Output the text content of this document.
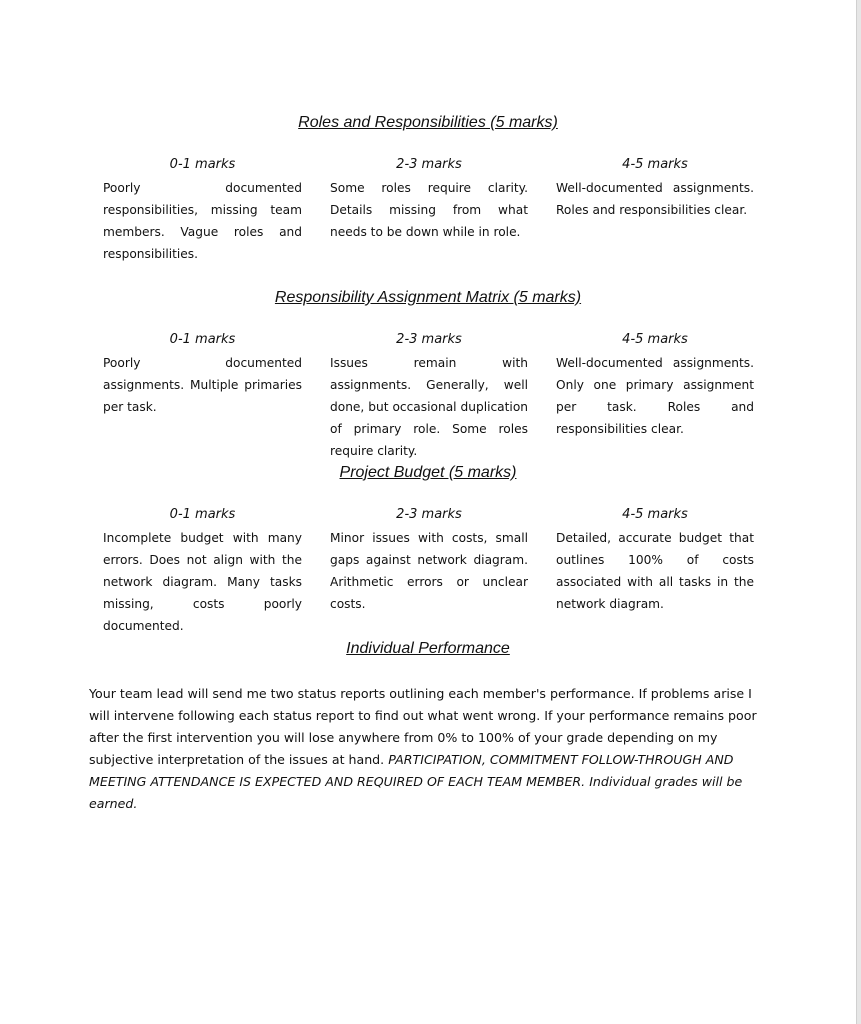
Roles and Responsibilities (5 marks)
0-1 marks

Poorly documented responsibilities, missing team members. Vague roles and responsibilities.

2-3 marks

Some roles require clarity. Details missing from what needs to be down while in role.

4-5 marks

Well-documented assignments. Roles and responsibilities clear.

Responsibility Assignment Matrix (5 marks)
0-1 marks

Poorly documented assignments. Multiple primaries per task.

2-3 marks

Issues remain with assignments. Generally, well done, but occasional duplication of primary role. Some roles require clarity.

4-5 marks

Well-documented assignments. Only one primary assignment per task. Roles and responsibilities clear.

Project Budget (5 marks)
0-1 marks

Incomplete budget with many errors. Does not align with the network diagram. Many tasks missing, costs poorly documented.

2-3 marks

Minor issues with costs, small gaps against network diagram. Arithmetic errors or unclear costs.

4-5 marks

Detailed, accurate budget that outlines 100% of costs associated with all tasks in the network diagram.

Individual Performance

Your team lead will send me two status reports outlining each member's performance. If problems arise I will intervene following each status report to find out what went wrong. If your performance remains poor after the first intervention you will lose anywhere from 0% to 100% of your grade depending on my subjective interpretation of the issues at hand. PARTICIPATION, COMMITMENT FOLLOW-THROUGH AND MEETING ATTENDANCE IS EXPECTED AND REQUIRED OF EACH TEAM MEMBER. Individual grades will be earned.
